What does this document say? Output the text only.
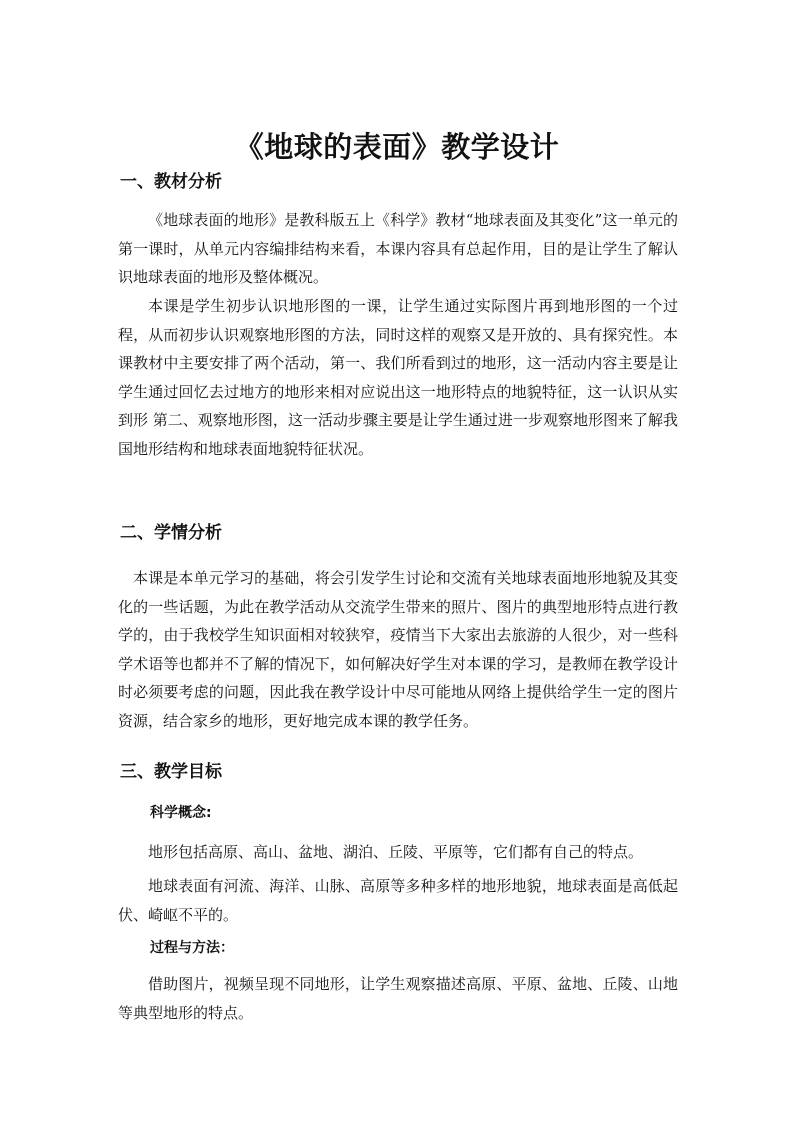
《地球的表面》教学设计
一、教材分析

《地球表面的地形》是教科版五上《科学》教材“地球表面及其变化”这一单元的第一课时，从单元内容编排结构来看，本课内容具有总起作用，目的是让学生了解认识地球表面的地形及整体概况。

本课是学生初步认识地形图的一课，让学生通过实际图片再到地形图的一个过程，从而初步认识观察地形图的方法，同时这样的观察又是开放的、具有探究性。本课教材中主要安排了两个活动，第一、我们所看到过的地形，这一活动内容主要是让学生通过回忆去过地方的地形来相对应说出这一地形特点的地貌特征，这一认识从实到形 第二、观察地形图，这一活动步骤主要是让学生通过进一步观察地形图来了解我国地形结构和地球表面地貌特征状况。

二、学情分析

本课是本单元学习的基础，将会引发学生讨论和交流有关地球表面地形地貌及其变化的一些话题，为此在教学活动从交流学生带来的照片、图片的典型地形特点进行教学的，由于我校学生知识面相对较狭窄，疫情当下大家出去旅游的人很少，对一些科学术语等也都并不了解的情况下，如何解决好学生对本课的学习，是教师在教学设计时必须要考虑的问题，因此我在教学设计中尽可能地从网络上提供给学生一定的图片资源，结合家乡的地形，更好地完成本课的教学任务。

三、教学目标
科学概念:

地形包括高原、高山、盆地、湖泊、丘陵、平原等，它们都有自己的特点。

地球表面有河流、海洋、山脉、高原等多种多样的地形地貌，地球表面是高低起伏、崎岖不平的。

过程与方法：

借助图片，视频呈现不同地形，让学生观察描述高原、平原、盆地、丘陵、山地等典型地形的特点。
